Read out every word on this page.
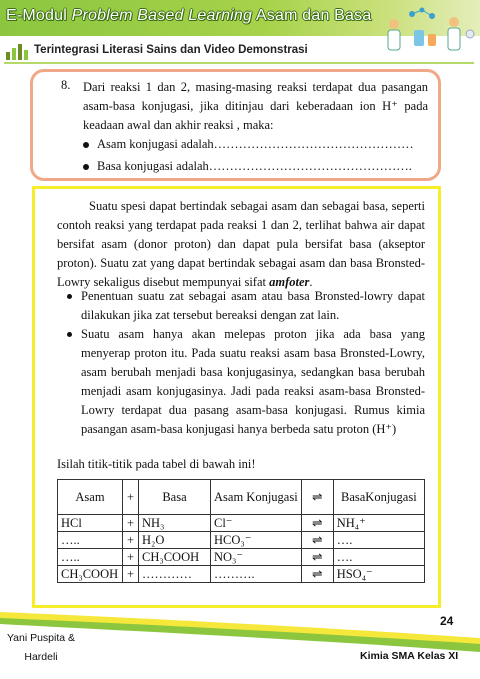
E-Modul Problem Based Learning Asam dan Basa
Terintegrasi Literasi Sains dan Video Demonstrasi
8. Dari reaksi 1 dan 2, masing-masing reaksi terdapat dua pasangan asam-basa konjugasi, jika ditinjau dari keberadaan ion H⁺ pada keadaan awal dan akhir reaksi , maka:
Asam konjugasi adalah…………………………………………
Basa konjugasi adalah………………………………………….
Suatu spesi dapat bertindak sebagai asam dan sebagai basa, seperti contoh reaksi yang terdapat pada reaksi 1 dan 2, terlihat bahwa air dapat bersifat asam (donor proton) dan dapat pula bersifat basa (akseptor proton). Suatu zat yang dapat bertindak sebagai asam dan basa Bronsted-Lowry sekaligus disebut mempunyai sifat amfoter.
Penentuan suatu zat sebagai asam atau basa Bronsted-lowry dapat dilakukan jika zat tersebut bereaksi dengan zat lain.
Suatu asam hanya akan melepas proton jika ada basa yang menyerap proton itu. Pada suatu reaksi asam basa Bronsted-Lowry, asam berubah menjadi basa konjugasinya, sedangkan basa berubah menjadi asam konjugasinya. Jadi pada reaksi asam-basa Bronsted-Lowry terdapat dua pasang asam-basa konjugasi. Rumus kimia pasangan asam-basa konjugasi hanya berbeda satu proton (H⁺)
Isilah titik-titik pada tabel di bawah ini!
Asam	+	Basa	Asam Konjugasi	⇌	BasaKonjugasi
HCl	+	NH₃	Cl⁻	⇌	NH₄⁺
…..	+	H₂O	HCO₃⁻	⇌	….
…..	+	CH₃COOH	NO₃⁻	⇌	….
CH₃COOH	+	…………	……….	⇌	HSO₄⁻
24
Yani Puspita & Hardeli	Kimia SMA Kelas XI
